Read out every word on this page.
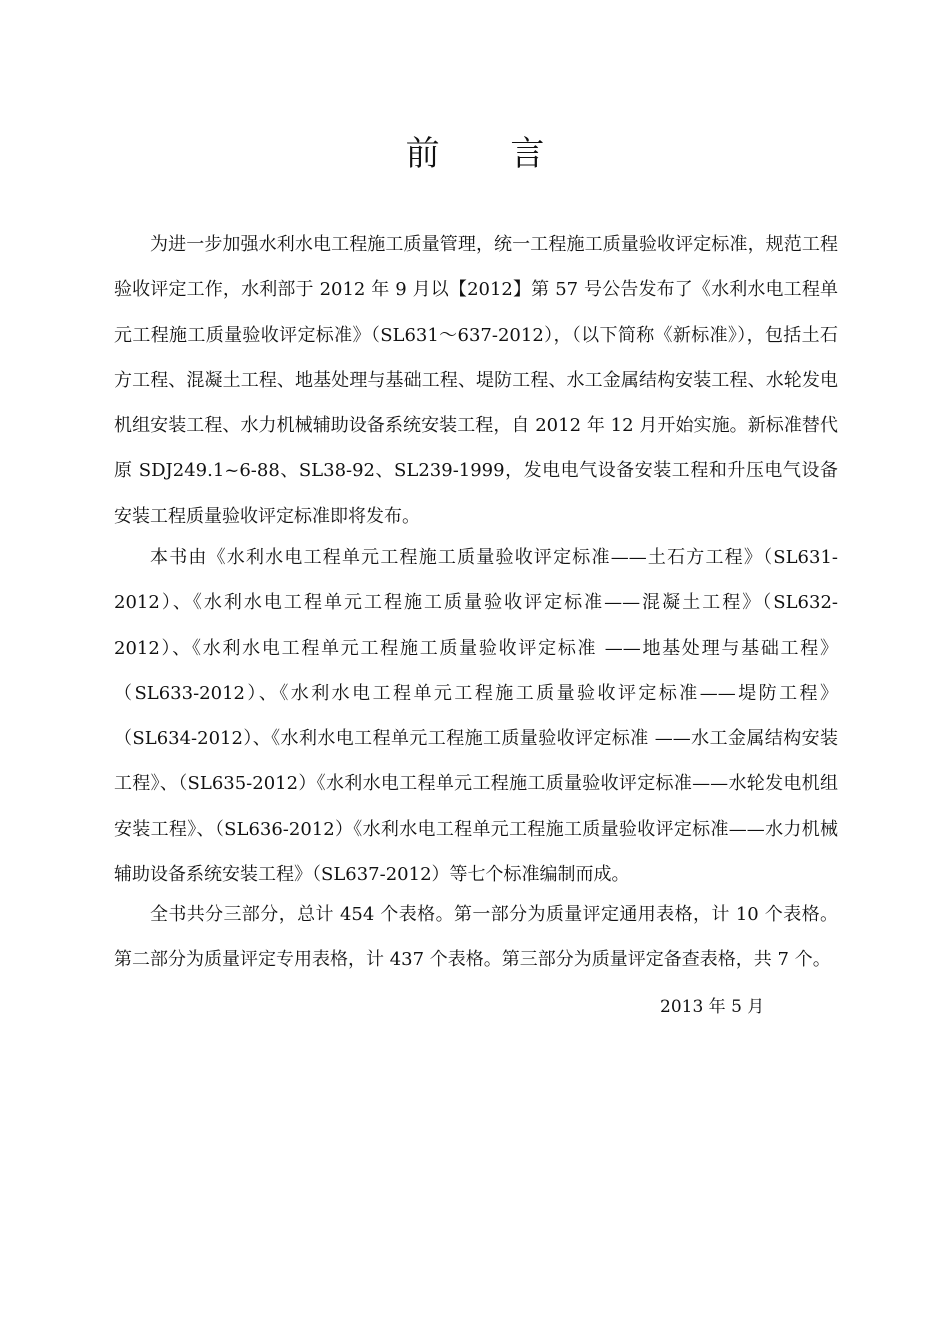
前 言

为进一步加强水利水电工程施工质量管理，统一工程施工质量验收评定标准，规范工程验收评定工作，水利部于 2012 年 9 月以【2012】第 57 号公告发布了《水利水电工程单元工程施工质量验收评定标准》（SL631～637-2012），（以下简称《新标准》），包括土石方工程、混凝土工程、地基处理与基础工程、堤防工程、水工金属结构安装工程、水轮发电机组安装工程、水力机械辅助设备系统安装工程，自 2012 年 12 月开始实施。新标准替代原 SDJ249.1~6-88、SL38-92、SL239-1999，发电电气设备安装工程和升压电气设备安装工程质量验收评定标准即将发布。

本书由《水利水电工程单元工程施工质量验收评定标准——土石方工程》（SL631-2012）、《水利水电工程单元工程施工质量验收评定标准——混凝土工程》（SL632-2012）、《水利水电工程单元工程施工质量验收评定标准 ——地基处理与基础工程》（SL633-2012）、《水利水电工程单元工程施工质量验收评定标准——堤防工程》（SL634-2012）、《水利水电工程单元工程施工质量验收评定标准 ——水工金属结构安装工程》、（SL635-2012）《水利水电工程单元工程施工质量验收评定标准——水轮发电机组安装工程》、（SL636-2012）《水利水电工程单元工程施工质量验收评定标准——水力机械辅助设备系统安装工程》（SL637-2012）等七个标准编制而成。

全书共分三部分，总计 454 个表格。第一部分为质量评定通用表格，计 10 个表格。第二部分为质量评定专用表格，计 437 个表格。第三部分为质量评定备查表格，共 7 个。

2013 年 5 月
